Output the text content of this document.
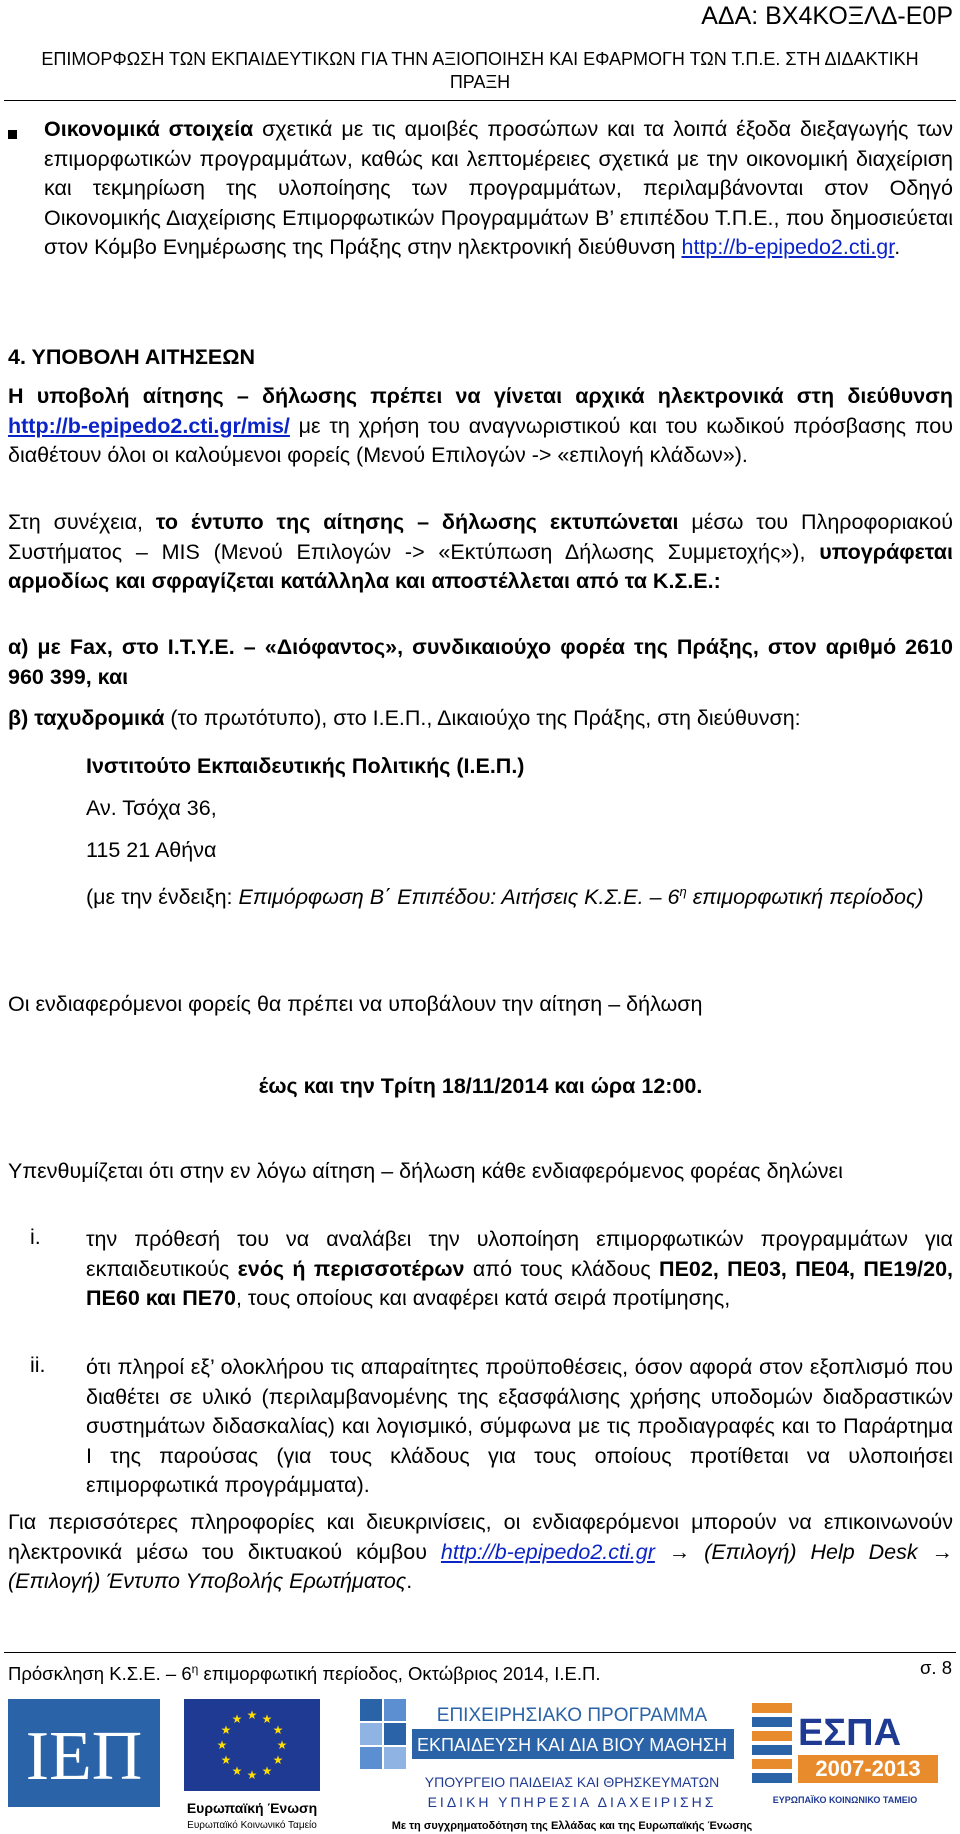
ΑΔΑ: ΒΧ4ΚΟΞΛΔ-Ε0Ρ
ΕΠΙΜΟΡΦΩΣΗ ΤΩΝ ΕΚΠΑΙΔΕΥΤΙΚΩΝ ΓΙΑ ΤΗΝ ΑΞΙΟΠΟΙΗΣΗ ΚΑΙ ΕΦΑΡΜΟΓΗ ΤΩΝ Τ.Π.Ε. ΣΤΗ ΔΙΔΑΚΤΙΚΗ ΠΡΑΞΗ
Οικονομικά στοιχεία σχετικά με τις αμοιβές προσώπων και τα λοιπά έξοδα διεξαγωγής των επιμορφωτικών προγραμμάτων, καθώς και λεπτομέρειες σχετικά με την οικονομική διαχείριση και τεκμηρίωση της υλοποίησης των προγραμμάτων, περιλαμβάνονται στον Οδηγό Οικονομικής Διαχείρισης Επιμορφωτικών Προγραμμάτων Β’ επιπέδου Τ.Π.Ε., που δημοσιεύεται στον Κόμβο Ενημέρωσης της Πράξης στην ηλεκτρονική διεύθυνση http://b-epipedo2.cti.gr.
4. ΥΠΟΒΟΛΗ ΑΙΤΗΣΕΩΝ
Η υποβολή αίτησης – δήλωσης πρέπει να γίνεται αρχικά ηλεκτρονικά στη διεύθυνση http://b-epipedo2.cti.gr/mis/ με τη χρήση του αναγνωριστικού και του κωδικού πρόσβασης που διαθέτουν όλοι οι καλούμενοι φορείς (Μενού Επιλογών -> «επιλογή κλάδων»).
Στη συνέχεια, το έντυπο της αίτησης – δήλωσης εκτυπώνεται μέσω του Πληροφοριακού Συστήματος – MIS (Μενού Επιλογών -> «Εκτύπωση Δήλωσης Συμμετοχής»), υπογράφεται αρμοδίως και σφραγίζεται κατάλληλα και αποστέλλεται από τα Κ.Σ.Ε.:
α) με Fax, στο Ι.Τ.Υ.Ε. – «Διόφαντος», συνδικαιούχο φορέα της Πράξης, στον αριθμό 2610 960 399, και
β) ταχυδρομικά (το πρωτότυπο), στο Ι.Ε.Π., Δικαιούχο της Πράξης, στη διεύθυνση:
Ινστιτούτο Εκπαιδευτικής Πολιτικής (Ι.Ε.Π.)
Αν. Τσόχα 36,
115 21 Αθήνα
(με την ένδειξη: Επιμόρφωση Β΄ Επιπέδου: Αιτήσεις Κ.Σ.Ε. – $6^\eta$ επιμορφωτική περίοδος)
Οι ενδιαφερόμενοι φορείς θα πρέπει να υποβάλουν την αίτηση – δήλωση
έως και την Τρίτη 18/11/2014 και ώρα 12:00.
Υπενθυμίζεται ότι στην εν λόγω αίτηση – δήλωση κάθε ενδιαφερόμενος φορέας δηλώνει
i. την πρόθεσή του να αναλάβει την υλοποίηση επιμορφωτικών προγραμμάτων για εκπαιδευτικούς ενός ή περισσοτέρων από τους κλάδους ΠΕ02, ΠΕ03, ΠΕ04, ΠΕ19/20, ΠΕ60 και ΠΕ70, τους οποίους και αναφέρει κατά σειρά προτίμησης,
ii. ότι πληροί εξ’ ολοκλήρου τις απαραίτητες προϋποθέσεις, όσον αφορά στον εξοπλισμό που διαθέτει σε υλικό (περιλαμβανομένης της εξασφάλισης χρήσης υποδομών διαδραστικών συστημάτων διδασκαλίας) και λογισμικό, σύμφωνα με τις προδιαγραφές και το Παράρτημα Ι της παρούσας (για τους κλάδους για τους οποίους προτίθεται να υλοποιήσει επιμορφωτικά προγράμματα).
Για περισσότερες πληροφορίες και διευκρινίσεις, οι ενδιαφερόμενοι μπορούν να επικοινωνούν ηλεκτρονικά μέσω του δικτυακού κόμβου http://b-epipedo2.cti.gr → (Επιλογή) Help Desk → (Επιλογή) Έντυπο Υποβολής Ερωτήματος.
Πρόσκληση Κ.Σ.Ε. – $6^\eta$ επιμορφωτική περίοδος, Οκτώβριος 2014, Ι.Ε.Π.	σ. 8
ΙΕΠ
★ ★
★
★
★
★
★
★
★
★
★
★
Ευρωπαϊκή Ένωση
Ευρωπαϊκό Κοινωνικό Ταμείο
ΕΠΙΧΕΙΡΗΣΙΑΚΟ ΠΡΟΓΡΑΜΜΑ
ΕΚΠΑΙΔΕΥΣΗ ΚΑΙ ΔΙΑ ΒΙΟΥ ΜΑΘΗΣΗ
ΥΠΟΥΡΓΕΙΟ ΠΑΙΔΕΙΑΣ ΚΑΙ ΘΡΗΣΚΕΥΜΑΤΩΝ
ΕΙΔΙΚΗ ΥΠΗΡΕΣΙΑ ΔΙΑΧΕΙΡΙΣΗΣ
Με τη συγχρηματοδότηση της Ελλάδας και της Ευρωπαϊκής Ένωσης
ΕΣΠΑ
2007-2013
ΕΥΡΩΠΑΪΚΟ ΚΟΙΝΩΝΙΚΟ ΤΑΜΕΙΟ
